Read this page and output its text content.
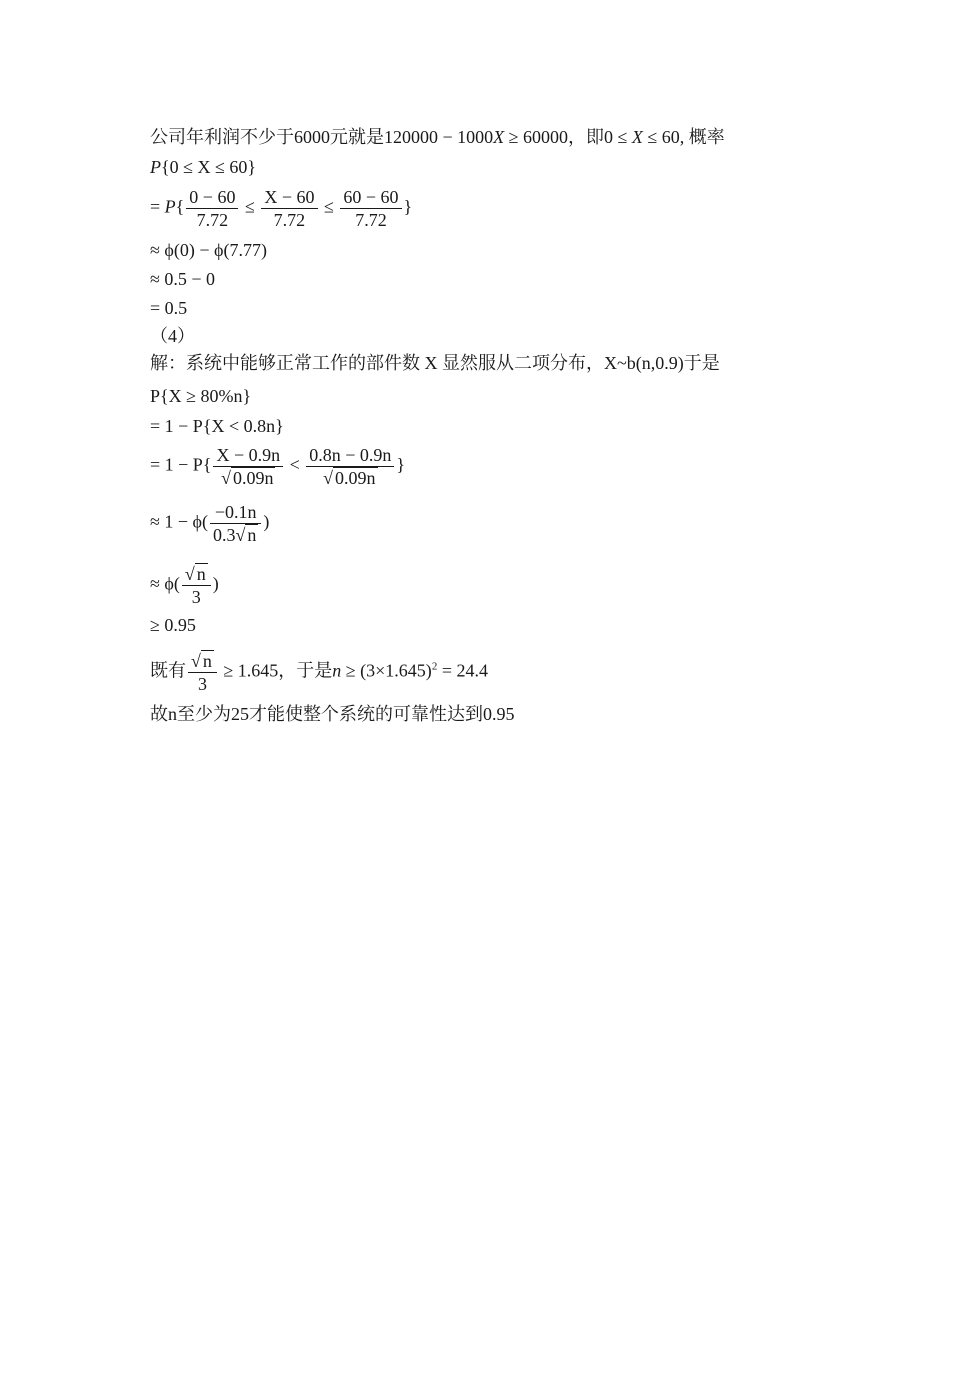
公司年利润不少于6000元就是120000 − 1000X ≥ 60000，即0 ≤ X ≤ 60, 概率
P{0 ≤ X ≤ 60}
= $P\{ \frac{0 - 60}{7.72} \le \frac{X - 60}{7.72} \le \frac{60 - 60}{7.72}$ }
≈ ϕ(0) − ϕ(7.77)
≈ 0.5 − 0
= 0.5
（4）
解：系统中能够正常工作的部件数 X 显然服从二项分布，X~b(n,0.9)于是
P{X ≥ 80%n}
= 1 − P{X < 0.8n}
= $1 - P\{ \frac{X - 0.9n}{√ 0.09n} < \frac{0.8n - 0.9n}{√ 0.09n}$ }
≈ $1 - \phi( \frac{-0.1n}{0.3√ n}$ )
≈ $\phi( \frac{√ n}{3}$ )
≥ 0.95
既有 $\frac{√ n}{3} \ge 1.645$，于是$n \ge (3\times 1.645)^2 = 24.4$
故n至少为25才能使整个系统的可靠性达到0.95
